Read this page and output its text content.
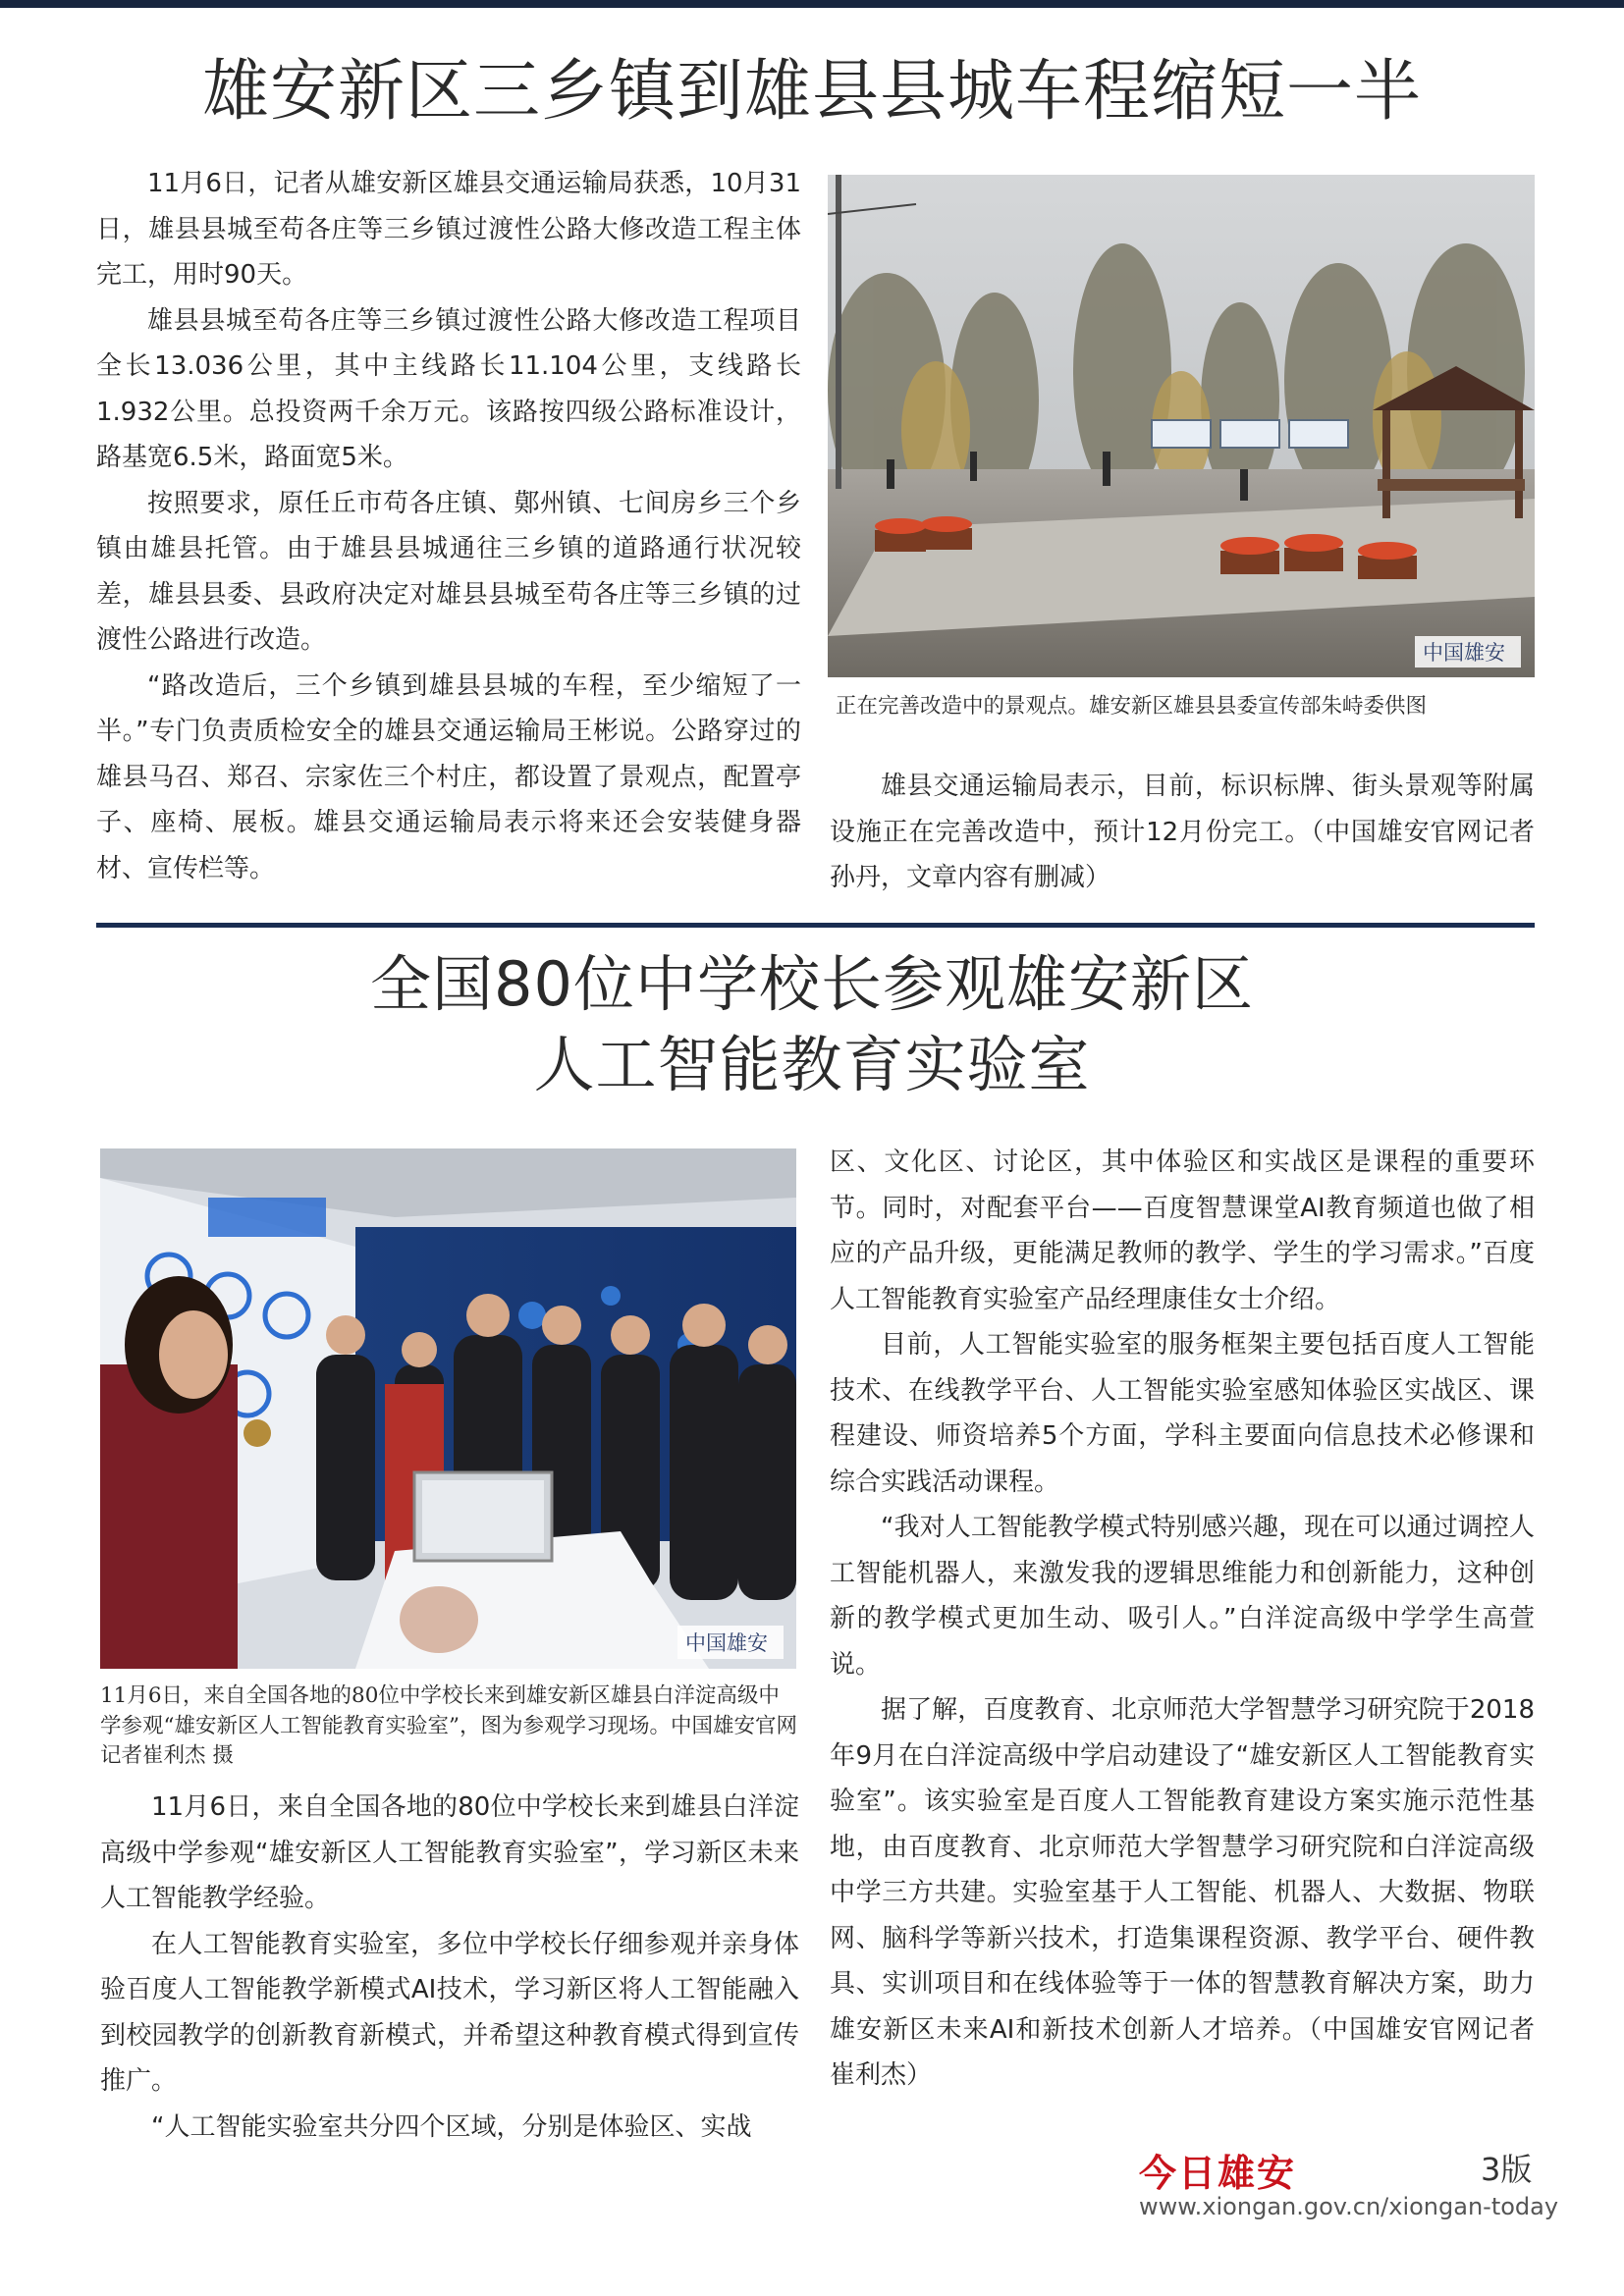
雄安新区三乡镇到雄县县城车程缩短一半

11月6日，记者从雄安新区雄县交通运输局获悉，10月31日，雄县县城至苟各庄等三乡镇过渡性公路大修改造工程主体完工，用时90天。

雄县县城至苟各庄等三乡镇过渡性公路大修改造工程项目全长13.036公里，其中主线路长11.104公里，支线路长1.932公里。总投资两千余万元。该路按四级公路标准设计，路基宽6.5米，路面宽5米。

按照要求，原任丘市苟各庄镇、鄚州镇、七间房乡三个乡镇由雄县托管。由于雄县县城通往三乡镇的道路通行状况较差，雄县县委、县政府决定对雄县县城至苟各庄等三乡镇的过渡性公路进行改造。

“路改造后，三个乡镇到雄县县城的车程，至少缩短了一半。”专门负责质检安全的雄县交通运输局王彬说。公路穿过的雄县马召、郑召、宗家佐三个村庄，都设置了景观点，配置亭子、座椅、展板。雄县交通运输局表示将来还会安装健身器材、宣传栏等。

中国雄安
正在完善改造中的景观点。雄安新区雄县县委宣传部朱峙委供图

雄县交通运输局表示，目前，标识标牌、街头景观等附属设施正在完善改造中，预计12月份完工。（中国雄安官网记者 孙丹，文章内容有删减）

全国80位中学校长参观雄安新区
人工智能教育实验室
中国雄安
11月6日，来自全国各地的80位中学校长来到雄安新区雄县白洋淀高级中学参观“雄安新区人工智能教育实验室”，图为参观学习现场。中国雄安官网记者崔利杰 摄

11月6日，来自全国各地的80位中学校长来到雄县白洋淀高级中学参观“雄安新区人工智能教育实验室”，学习新区未来人工智能教学经验。

在人工智能教育实验室，多位中学校长仔细参观并亲身体验百度人工智能教学新模式AI技术，学习新区将人工智能融入到校园教学的创新教育新模式，并希望这种教育模式得到宣传推广。

“人工智能实验室共分四个区域，分别是体验区、实战

区、文化区、讨论区，其中体验区和实战区是课程的重要环节。同时，对配套平台——百度智慧课堂AI教育频道也做了相应的产品升级，更能满足教师的教学、学生的学习需求。”百度人工智能教育实验室产品经理康佳女士介绍。

目前，人工智能实验室的服务框架主要包括百度人工智能技术、在线教学平台、人工智能实验室感知体验区实战区、课程建设、师资培养5个方面，学科主要面向信息技术必修课和综合实践活动课程。

“我对人工智能教学模式特别感兴趣，现在可以通过调控人工智能机器人，来激发我的逻辑思维能力和创新能力，这种创新的教学模式更加生动、吸引人。”白洋淀高级中学学生高萱说。

据了解，百度教育、北京师范大学智慧学习研究院于2018年9月在白洋淀高级中学启动建设了“雄安新区人工智能教育实验室”。该实验室是百度人工智能教育建设方案实施示范性基地，由百度教育、北京师范大学智慧学习研究院和白洋淀高级中学三方共建。实验室基于人工智能、机器人、大数据、物联网、脑科学等新兴技术，打造集课程资源、教学平台、硬件教具、实训项目和在线体验等于一体的智慧教育解决方案，助力雄安新区未来AI和新技术创新人才培养。（中国雄安官网记者 崔利杰）

今日雄安	3版
www.xiongan.gov.cn/xiongan-today
